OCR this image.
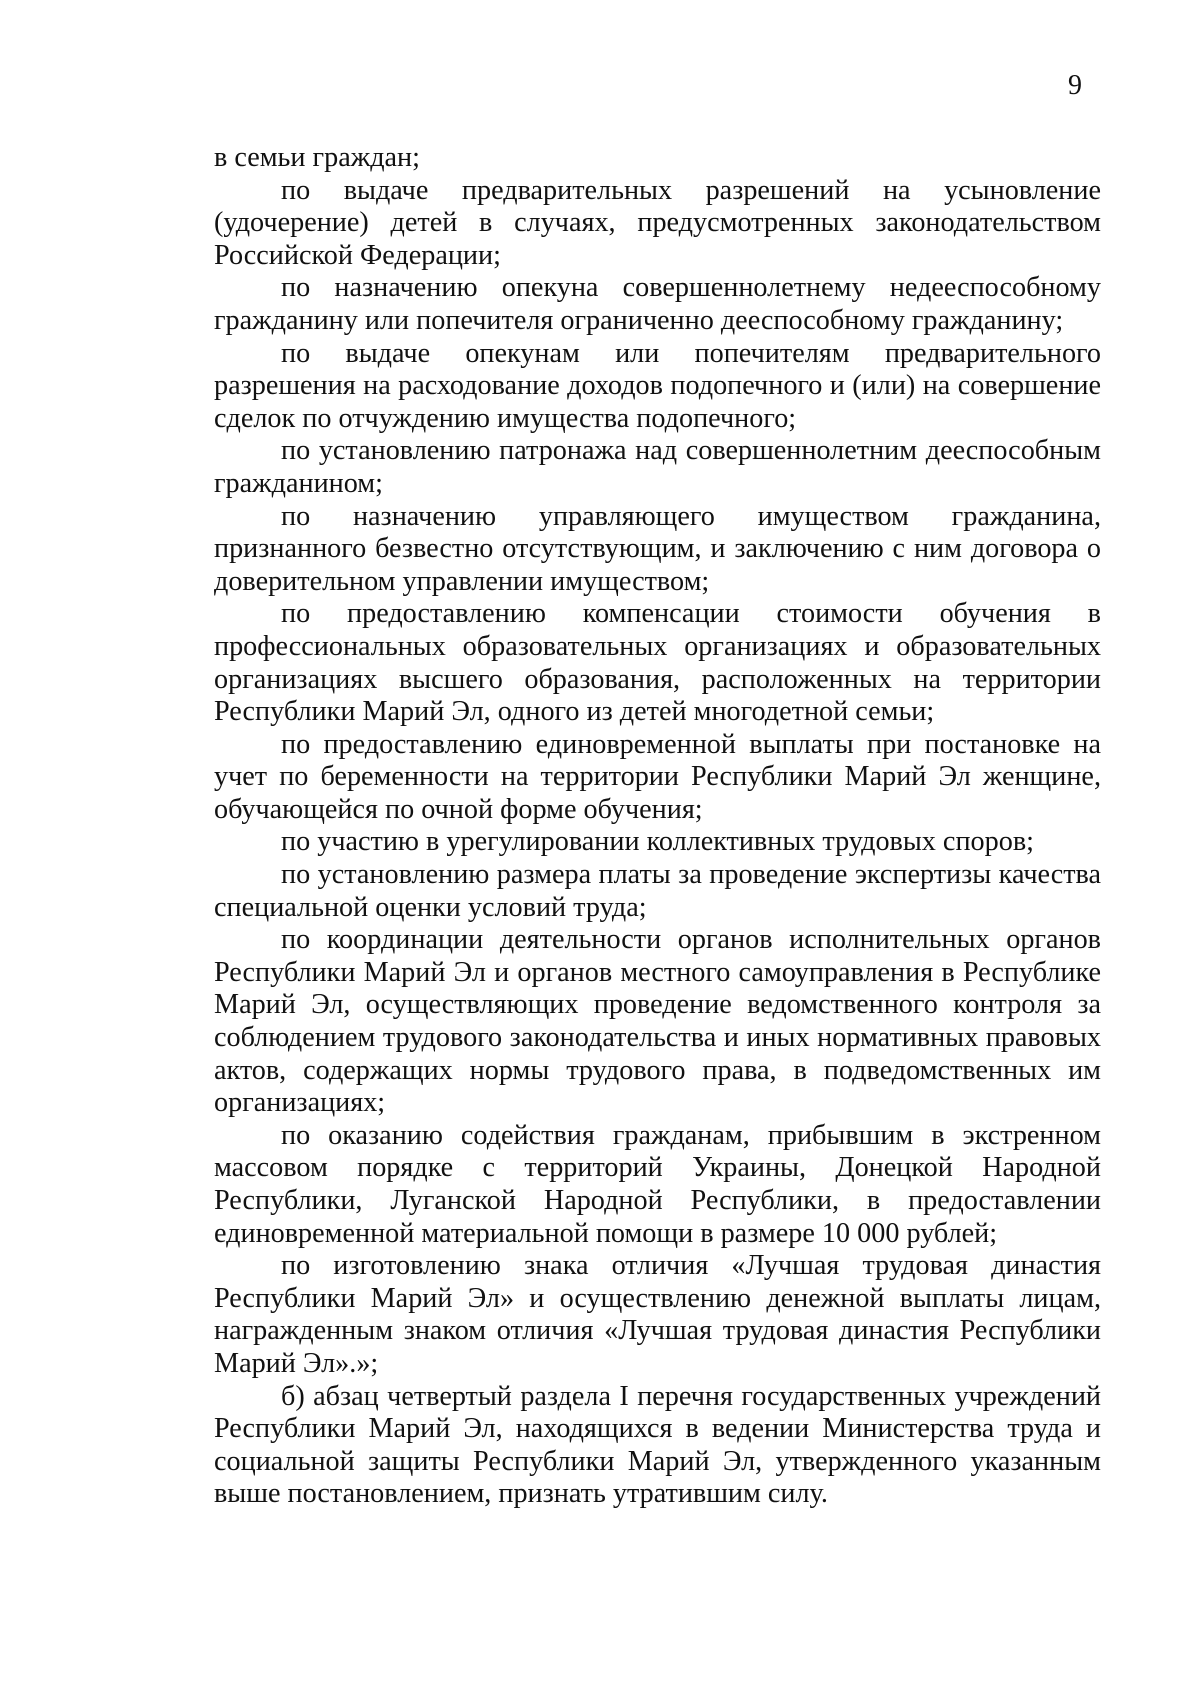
9

в семьи граждан;

по выдаче предварительных разрешений на усыновление (удочерение) детей в случаях, предусмотренных законодательством Российской Федерации;

по назначению опекуна совершеннолетнему недееспособному гражданину или попечителя ограниченно дееспособному гражданину;

по выдаче опекунам или попечителям предварительного разрешения на расходование доходов подопечного и (или) на совершение сделок по отчуждению имущества подопечного;

по установлению патронажа над совершеннолетним дееспособным гражданином;

по назначению управляющего имуществом гражданина, признанного безвестно отсутствующим, и заключению с ним договора о доверительном управлении имуществом;

по предоставлению компенсации стоимости обучения в профессиональных образовательных организациях и образовательных организациях высшего образования, расположенных на территории Республики Марий Эл, одного из детей многодетной семьи;

по предоставлению единовременной выплаты при постановке на учет по беременности на территории Республики Марий Эл женщине, обучающейся по очной форме обучения;

по участию в урегулировании коллективных трудовых споров;

по установлению размера платы за проведение экспертизы качества специальной оценки условий труда;

по координации деятельности органов исполнительных органов Республики Марий Эл и органов местного самоуправления в Республике Марий Эл, осуществляющих проведение ведомственного контроля за соблюдением трудового законодательства и иных нормативных правовых актов, содержащих нормы трудового права, в подведомственных им организациях;

по оказанию содействия гражданам, прибывшим в экстренном массовом порядке с территорий Украины, Донецкой Народной Республики, Луганской Народной Республики, в предоставлении единовременной материальной помощи в размере 10 000 рублей;

по изготовлению знака отличия «Лучшая трудовая династия Республики Марий Эл» и осуществлению денежной выплаты лицам, награжденным знаком отличия «Лучшая трудовая династия Республики Марий Эл».»;

б) абзац четвертый раздела I перечня государственных учреждений Республики Марий Эл, находящихся в ведении Министерства труда и социальной защиты Республики Марий Эл, утвержденного указанным выше постановлением, признать утратившим силу.
